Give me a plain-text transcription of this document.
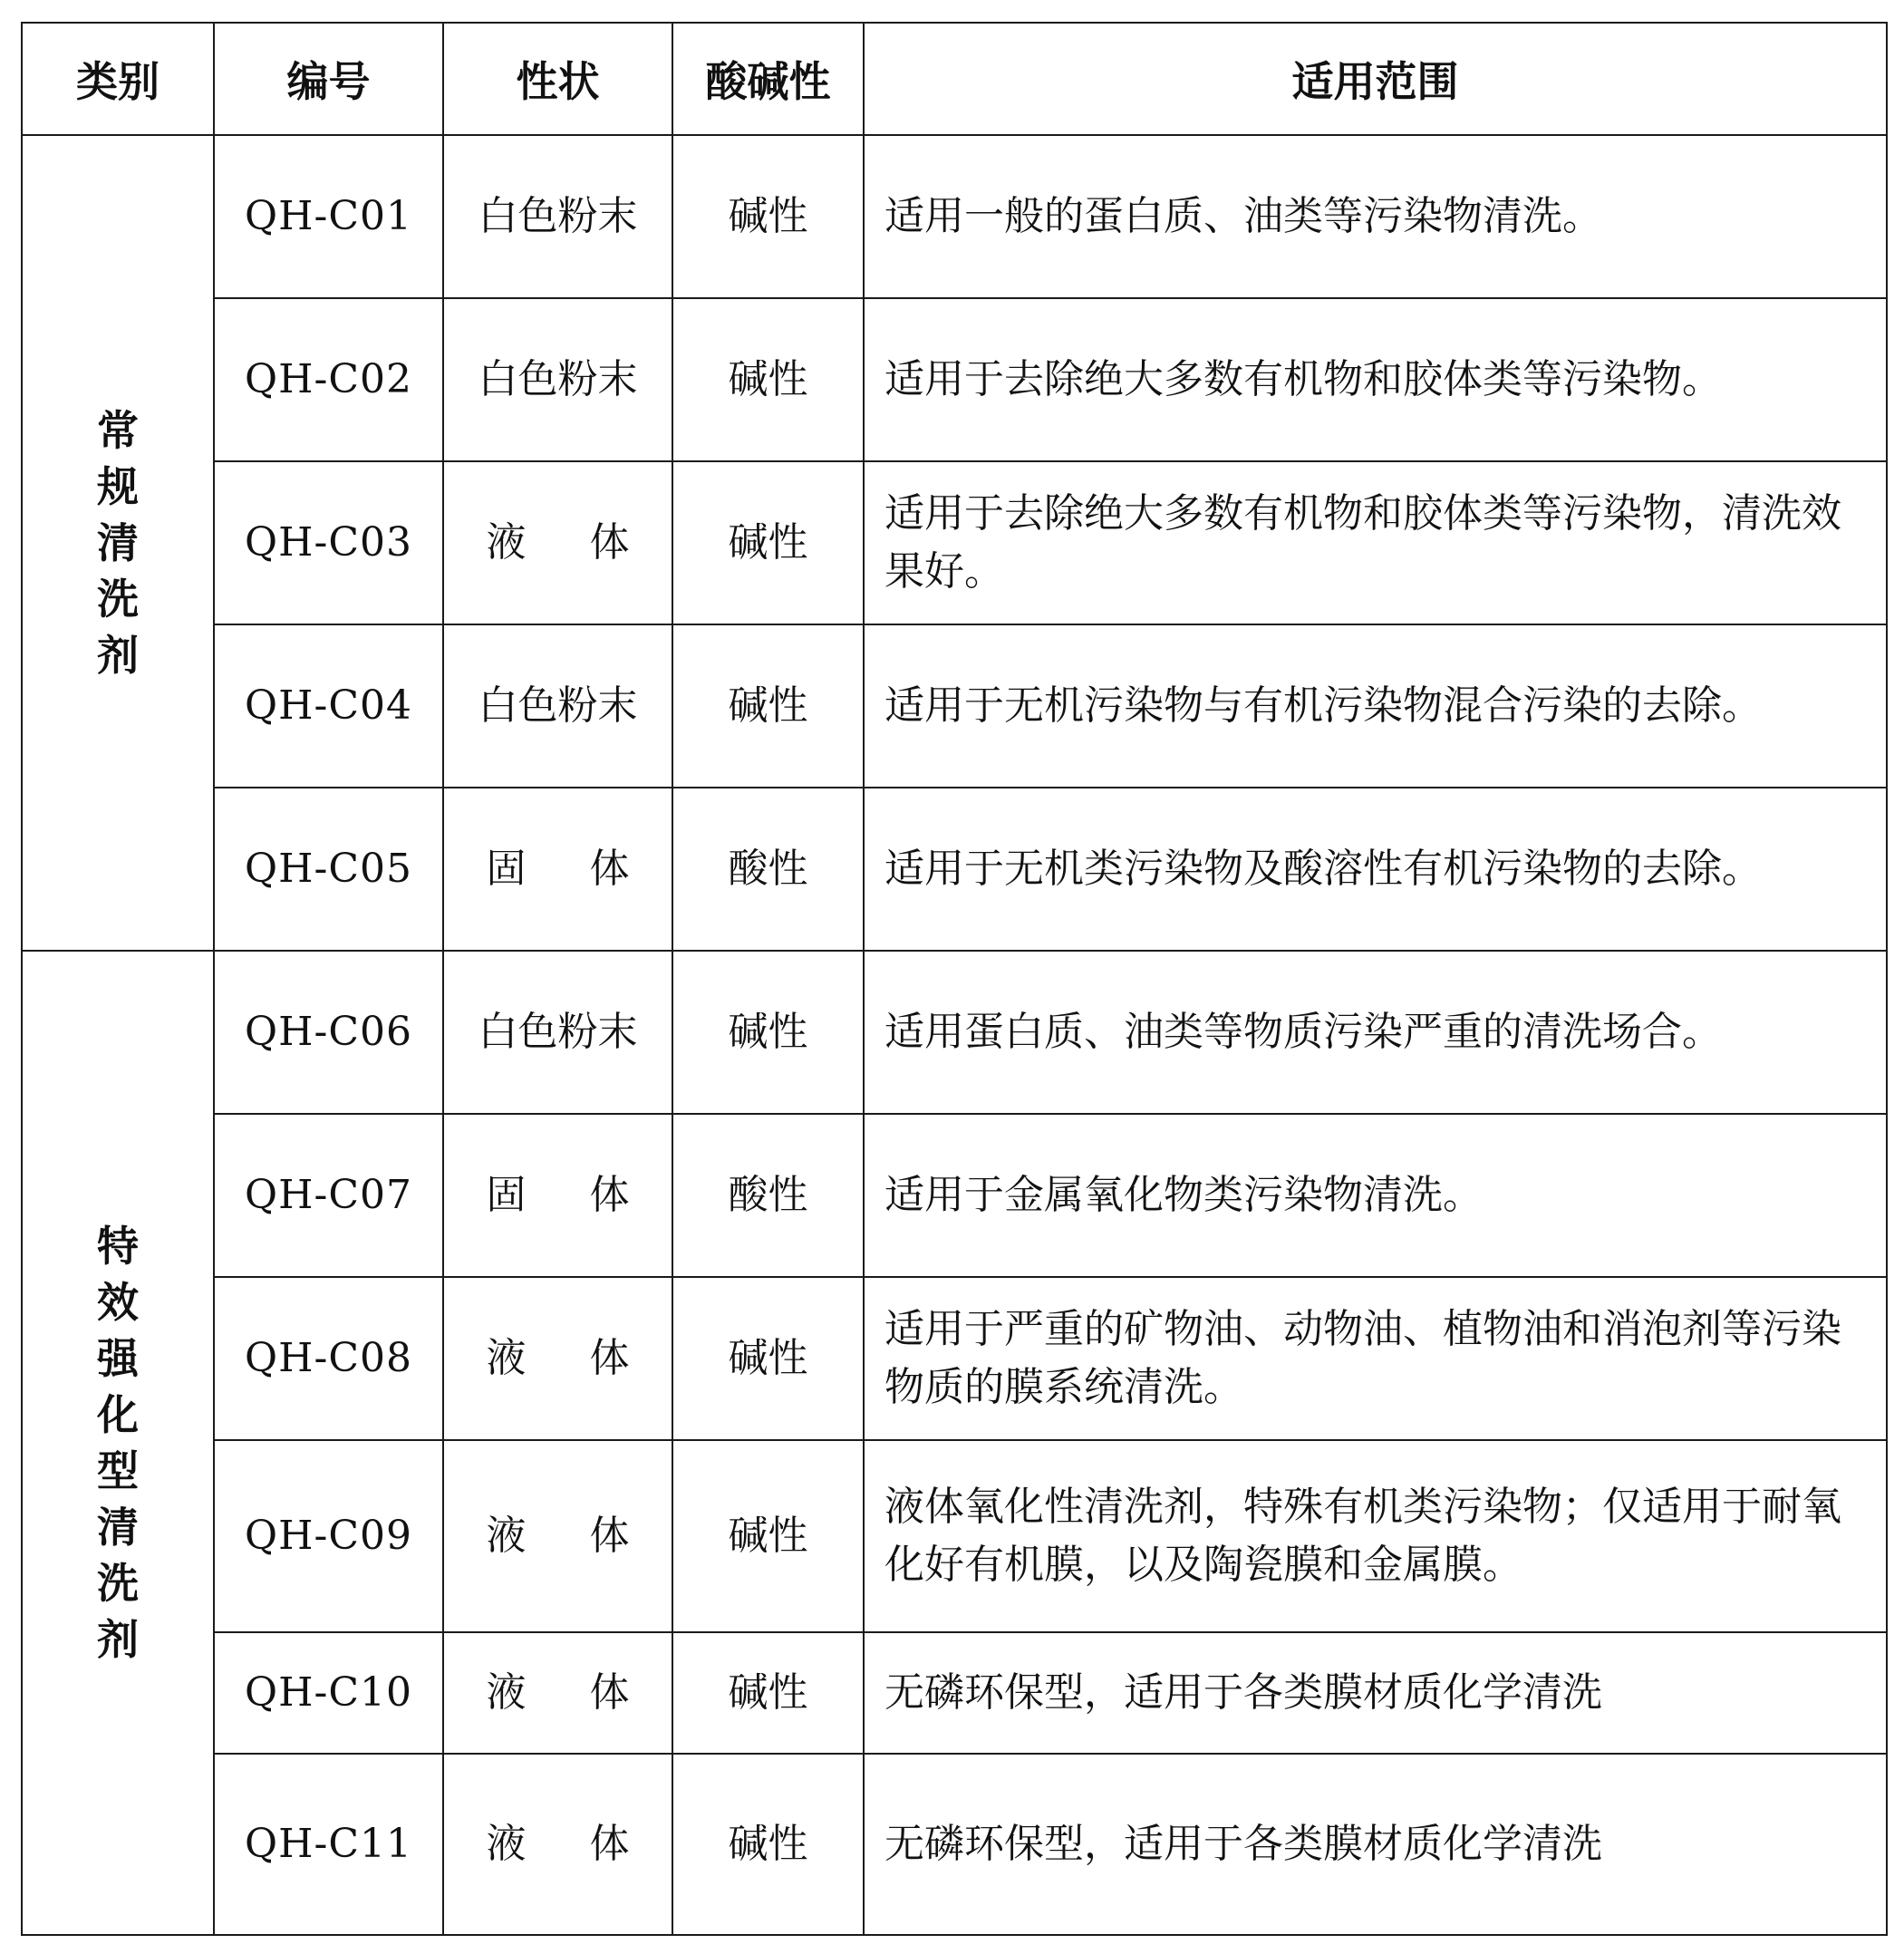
类别	编号	性状	酸碱性	适用范围
常规清洗剂	QH-C01	白色粉末	碱性	适用一般的蛋白质、油类等污染物清洗。
	QH-C02	白色粉末	碱性	适用于去除绝大多数有机物和胶体类等污染物。
	QH-C03	液 体	碱性	适用于去除绝大多数有机物和胶体类等污染物，清洗效果好。
	QH-C04	白色粉末	碱性	适用于无机污染物与有机污染物混合污染的去除。
	QH-C05	固 体	酸性	适用于无机类污染物及酸溶性有机污染物的去除。
特效强化型清洗剂	QH-C06	白色粉末	碱性	适用蛋白质、油类等物质污染严重的清洗场合。
	QH-C07	固 体	酸性	适用于金属氧化物类污染物清洗。
	QH-C08	液 体	碱性	适用于严重的矿物油、动物油、植物油和消泡剂等污染物质的膜系统清洗。
	QH-C09	液 体	碱性	液体氧化性清洗剂，特殊有机类污染物；仅适用于耐氧化好有机膜，以及陶瓷膜和金属膜。
	QH-C10	液 体	碱性	无磷环保型，适用于各类膜材质化学清洗
	QH-C11	液 体	碱性	无磷环保型，适用于各类膜材质化学清洗
